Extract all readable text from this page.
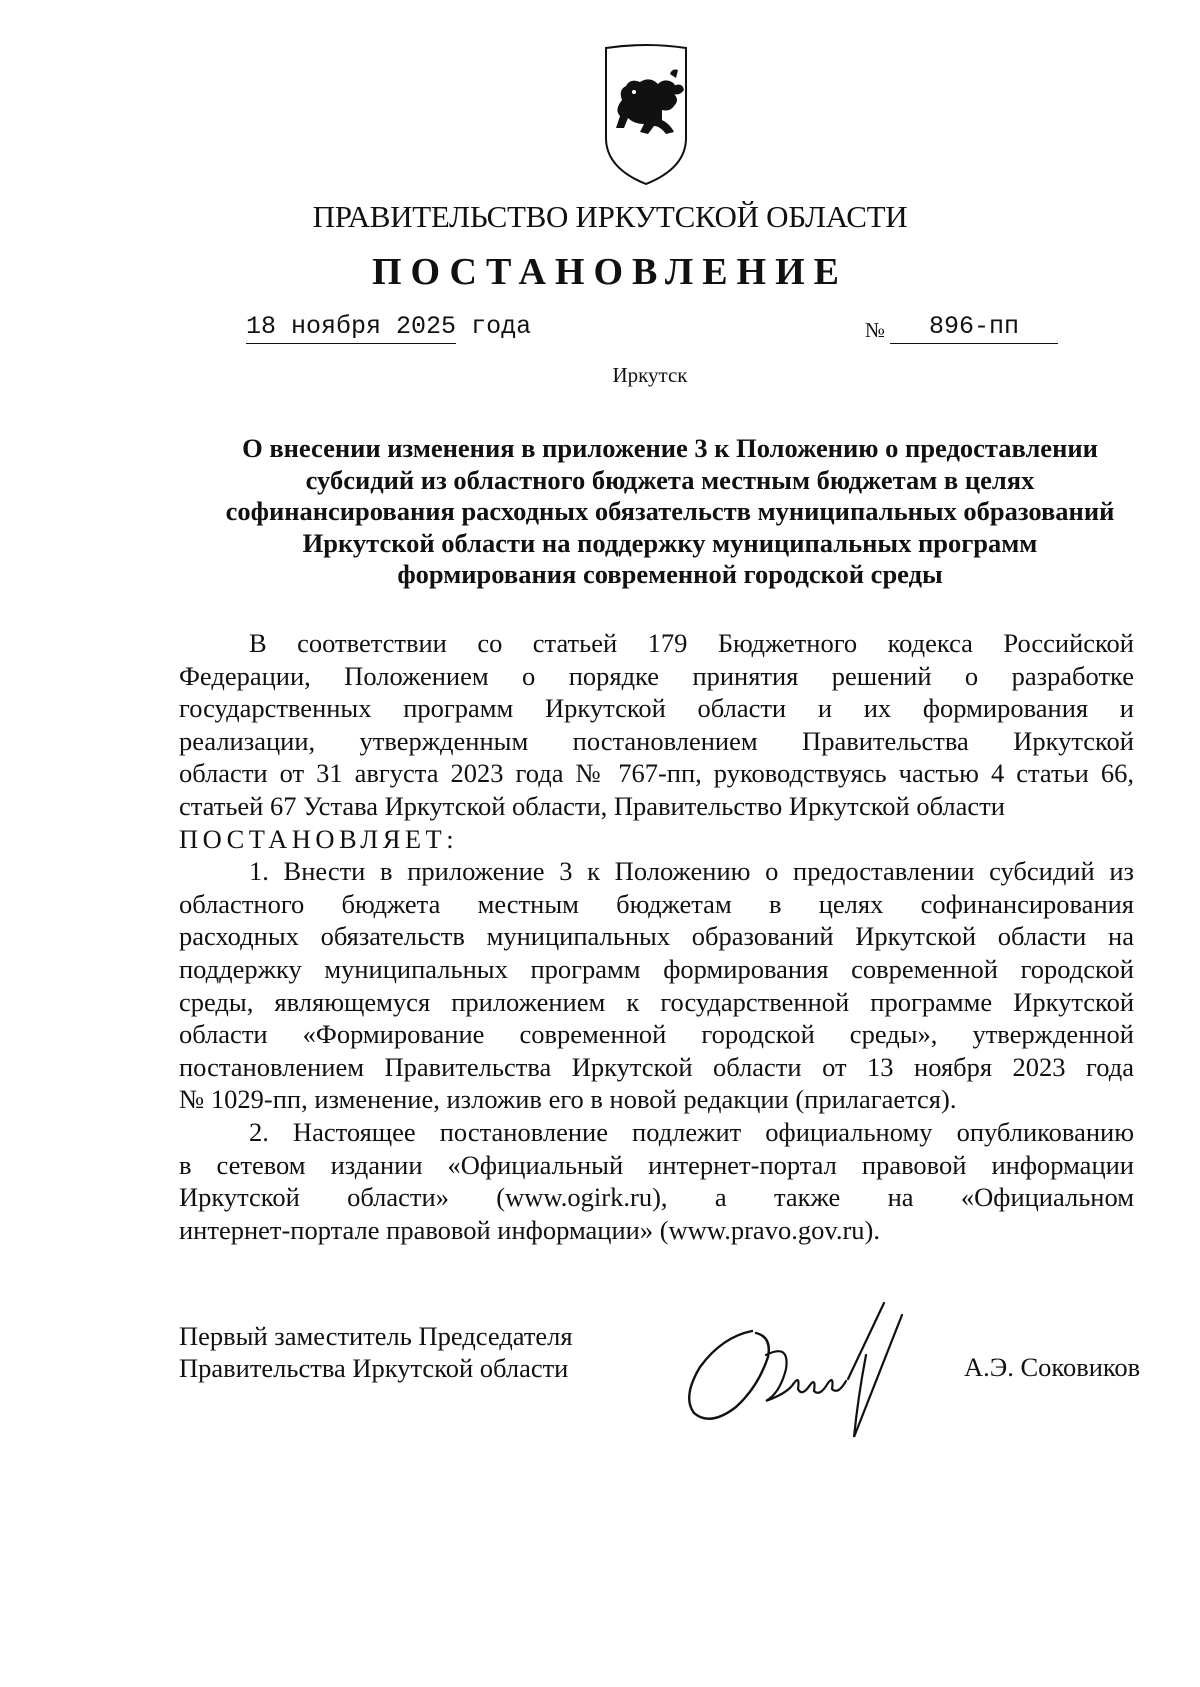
ПРАВИТЕЛЬСТВО ИРКУТСКОЙ ОБЛАСТИ
ПОСТАНОВЛЕНИЕ
18 ноября 2025 года	№	896-пп
Иркутск
О внесении изменения в приложение 3 к Положению о предоставлении
субсидий из областного бюджета местным бюджетам в целях
софинансирования расходных обязательств муниципальных образований
Иркутской области на поддержку муниципальных программ
формирования современной городской среды
В соответствии со статьей 179 Бюджетного кодекса Российской
Федерации, Положением о порядке принятия решений о разработке
государственных программ Иркутской области и их формирования и
реализации, утвержденным постановлением Правительства Иркутской
области от 31 августа 2023 года № 767-пп, руководствуясь частью 4 статьи 66,
статьей 67 Устава Иркутской области, Правительство Иркутской области
ПОСТАНОВЛЯЕТ:
1. Внести в приложение 3 к Положению о предоставлении субсидий из
областного бюджета местным бюджетам в целях софинансирования
расходных обязательств муниципальных образований Иркутской области на
поддержку муниципальных программ формирования современной городской
среды, являющемуся приложением к государственной программе Иркутской
области «Формирование современной городской среды», утвержденной
постановлением Правительства Иркутской области от 13 ноября 2023 года
№ 1029-пп, изменение, изложив его в новой редакции (прилагается).
2. Настоящее постановление подлежит официальному опубликованию
в сетевом издании «Официальный интернет-портал правовой информации
Иркутской области» (www.ogirk.ru), а также на «Официальном
интернет-портале правовой информации» (www.pravo.gov.ru).
Первый заместитель Председателя
Правительства Иркутской области	А.Э. Соковиков
